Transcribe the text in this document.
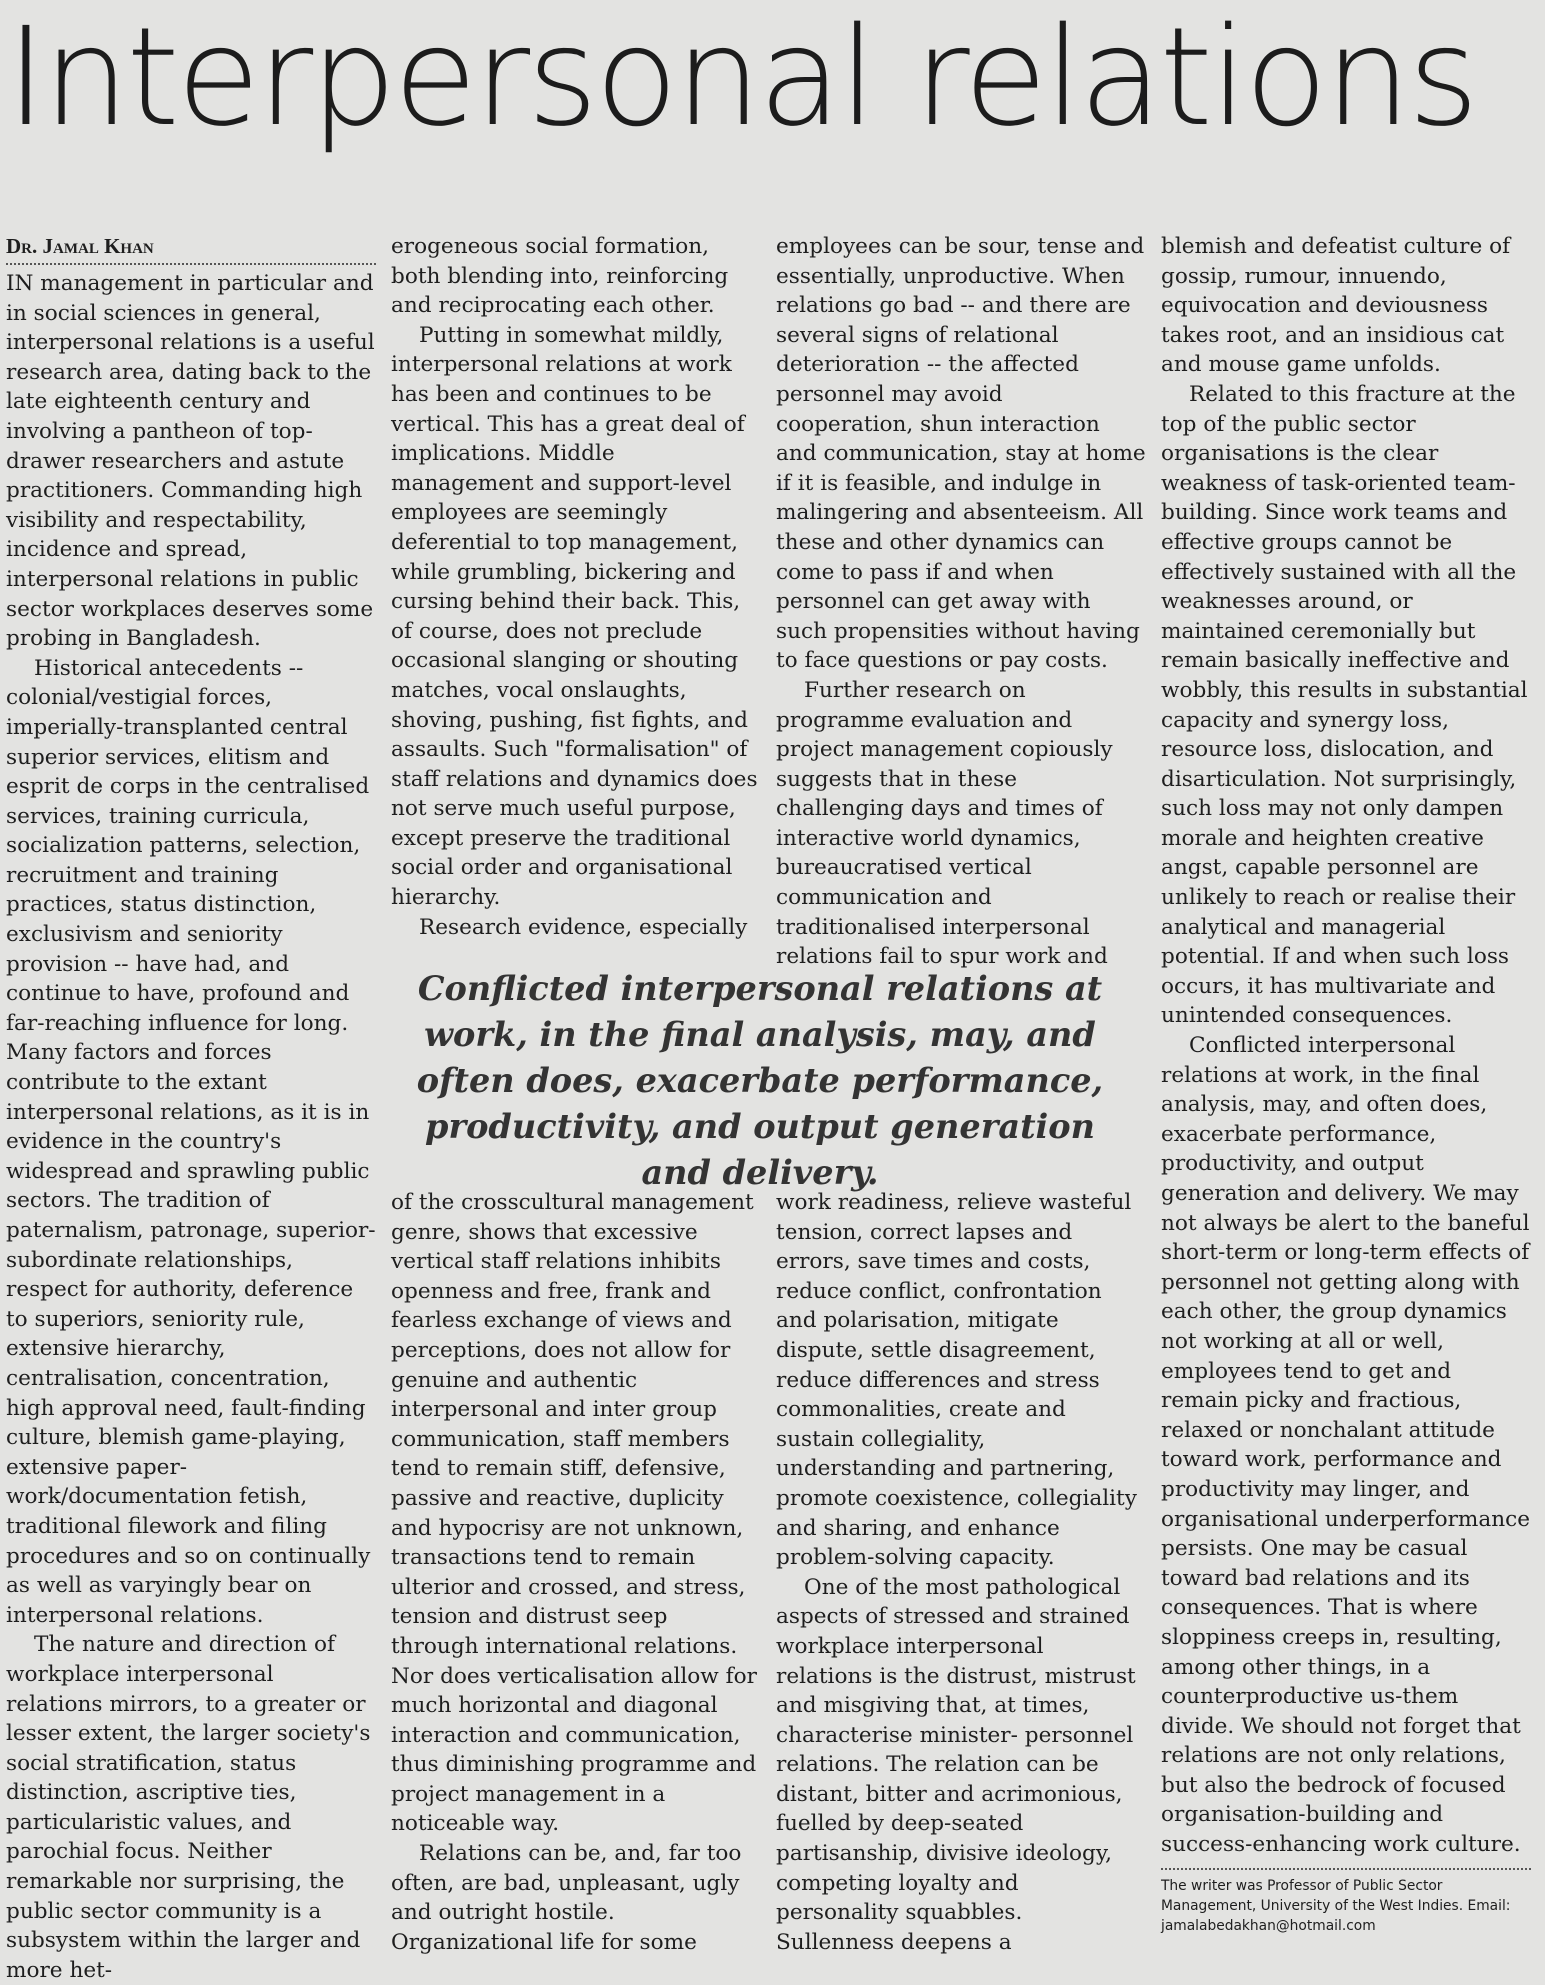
Interpersonal relations
Dr. Jamal Khan

IN management in particular and in social sciences in general, interpersonal relations is a useful research area, dating back to the late eighteenth century and involving a pantheon of top-drawer researchers and astute practitioners. Commanding high visibility and respectability, incidence and spread, interpersonal relations in public sector workplaces deserves some probing in Bangladesh.

Historical antecedents -- colonial/vestigial forces, imperially-transplanted central superior services, elitism and esprit de corps in the centralised services, training curricula, socialization patterns, selection, recruitment and training practices, status distinction, exclusivism and seniority provision -- have had, and continue to have, profound and far-reaching influence for long. Many factors and forces contribute to the extant interpersonal relations, as it is in evidence in the country's widespread and sprawling public sectors. The tradition of paternalism, patronage, superior-subordinate relationships, respect for authority, deference to superiors, seniority rule, extensive hierarchy, centralisation, concentration, high approval need, fault-finding culture, blemish game-playing, extensive paper-work/documentation fetish, traditional filework and filing procedures and so on continually as well as varyingly bear on interpersonal relations.

The nature and direction of workplace interpersonal relations mirrors, to a greater or lesser extent, the larger society's social stratification, status distinction, ascriptive ties, particularistic values, and parochial focus. Neither remarkable nor surprising, the public sector community is a subsystem within the larger and more het-

erogeneous social formation, both blending into, reinforcing and reciprocating each other.

Putting in somewhat mildly, interpersonal relations at work has been and continues to be vertical. This has a great deal of implications. Middle management and support-level employees are seemingly deferential to top management, while grumbling, bickering and cursing behind their back. This, of course, does not preclude occasional slanging or shouting matches, vocal onslaughts, shoving, pushing, fist fights, and assaults. Such "formalisation" of staff relations and dynamics does not serve much useful purpose, except preserve the traditional social order and organisational hierarchy.

Research evidence, especially

employees can be sour, tense and essentially, unproductive. When relations go bad -- and there are several signs of relational deterioration -- the affected personnel may avoid cooperation, shun interaction and communication, stay at home if it is feasible, and indulge in malingering and absenteeism. All these and other dynamics can come to pass if and when personnel can get away with such propensities without having to face questions or pay costs.

Further research on programme evaluation and project management copiously suggests that in these challenging days and times of interactive world dynamics, bureaucratised vertical communication and traditionalised interpersonal relations fail to spur work and

Conflicted interpersonal relations at work, in the final analysis, may, and often does, exacerbate performance, productivity, and output generation and delivery.

of the crosscultural management genre, shows that excessive vertical staff relations inhibits openness and free, frank and fearless exchange of views and perceptions, does not allow for genuine and authentic interpersonal and inter group communication, staff members tend to remain stiff, defensive, passive and reactive, duplicity and hypocrisy are not unknown, transactions tend to remain ulterior and crossed, and stress, tension and distrust seep through international relations. Nor does verticalisation allow for much horizontal and diagonal interaction and communication, thus diminishing programme and project management in a noticeable way.

Relations can be, and, far too often, are bad, unpleasant, ugly and outright hostile. Organizational life for some

work readiness, relieve wasteful tension, correct lapses and errors, save times and costs, reduce conflict, confrontation and polarisation, mitigate dispute, settle disagreement, reduce differences and stress commonalities, create and sustain collegiality, understanding and partnering, promote coexistence, collegiality and sharing, and enhance problem-solving capacity.

One of the most pathological aspects of stressed and strained workplace interpersonal relations is the distrust, mistrust and misgiving that, at times, characterise minister- personnel relations. The relation can be distant, bitter and acrimonious, fuelled by deep-seated partisanship, divisive ideology, competing loyalty and personality squabbles. Sullenness deepens a

blemish and defeatist culture of gossip, rumour, innuendo, equivocation and deviousness takes root, and an insidious cat and mouse game unfolds.

Related to this fracture at the top of the public sector organisations is the clear weakness of task-oriented team-building. Since work teams and effective groups cannot be effectively sustained with all the weaknesses around, or maintained ceremonially but remain basically ineffective and wobbly, this results in substantial capacity and synergy loss, resource loss, dislocation, and disarticulation. Not surprisingly, such loss may not only dampen morale and heighten creative angst, capable personnel are unlikely to reach or realise their analytical and managerial potential. If and when such loss occurs, it has multivariate and unintended consequences.

Conflicted interpersonal relations at work, in the final analysis, may, and often does, exacerbate performance, productivity, and output generation and delivery. We may not always be alert to the baneful short-term or long-term effects of personnel not getting along with each other, the group dynamics not working at all or well, employees tend to get and remain picky and fractious, relaxed or nonchalant attitude toward work, performance and productivity may linger, and organisational underperformance persists. One may be casual toward bad relations and its consequences. That is where sloppiness creeps in, resulting, among other things, in a counterproductive us-them divide. We should not forget that relations are not only relations, but also the bedrock of focused organisation-building and success-enhancing work culture.

The writer was Professor of Public Sector Management, University of the West Indies. Email: jamalabedakhan@hotmail.com
